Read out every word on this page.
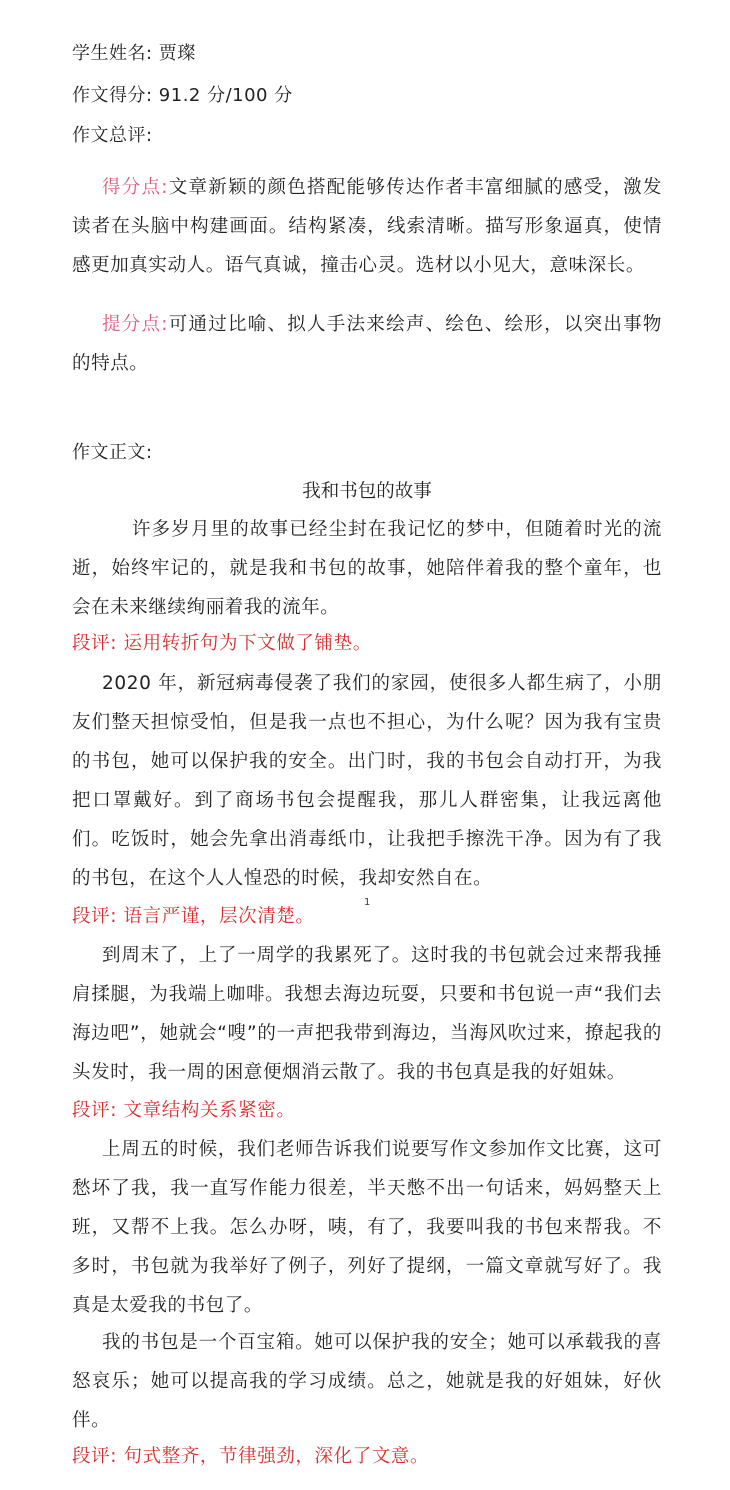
学生姓名: 贾璨
作文得分: 91.2 分/100 分
作文总评:
得分点:文章新颖的颜色搭配能够传达作者丰富细腻的感受，激发读者在头脑中构建画面。结构紧凑，线索清晰。描写形象逼真，使情感更加真实动人。语气真诚，撞击心灵。选材以小见大，意味深长。
提分点:可通过比喻、拟人手法来绘声、绘色、绘形，以突出事物的特点。
作文正文:
我和书包的故事
许多岁月里的故事已经尘封在我记忆的梦中，但随着时光的流逝，始终牢记的，就是我和书包的故事，她陪伴着我的整个童年，也会在未来继续绚丽着我的流年。
段评: 运用转折句为下文做了铺垫。
2020 年，新冠病毒侵袭了我们的家园，使很多人都生病了，小朋友们整天担惊受怕，但是我一点也不担心，为什么呢？因为我有宝贵的书包，她可以保护我的安全。出门时，我的书包会自动打开，为我把口罩戴好。到了商场书包会提醒我，那儿人群密集，让我远离他们。吃饭时，她会先拿出消毒纸巾，让我把手擦洗干净。因为有了我的书包，在这个人人惶恐的时候，我却安然自在。
1
段评: 语言严谨，层次清楚。
到周末了，上了一周学的我累死了。这时我的书包就会过来帮我捶肩揉腿，为我端上咖啡。我想去海边玩耍，只要和书包说一声“我们去海边吧”，她就会“嗖”的一声把我带到海边，当海风吹过来，撩起我的头发时，我一周的困意便烟消云散了。我的书包真是我的好姐妹。
段评: 文章结构关系紧密。
上周五的时候，我们老师告诉我们说要写作文参加作文比赛，这可愁坏了我，我一直写作能力很差，半天憋不出一句话来，妈妈整天上班，又帮不上我。怎么办呀，咦，有了，我要叫我的书包来帮我。不多时，书包就为我举好了例子，列好了提纲，一篇文章就写好了。我真是太爱我的书包了。
我的书包是一个百宝箱。她可以保护我的安全；她可以承载我的喜怒哀乐；她可以提高我的学习成绩。总之，她就是我的好姐妹，好伙伴。
段评: 句式整齐，节律强劲，深化了文意。
